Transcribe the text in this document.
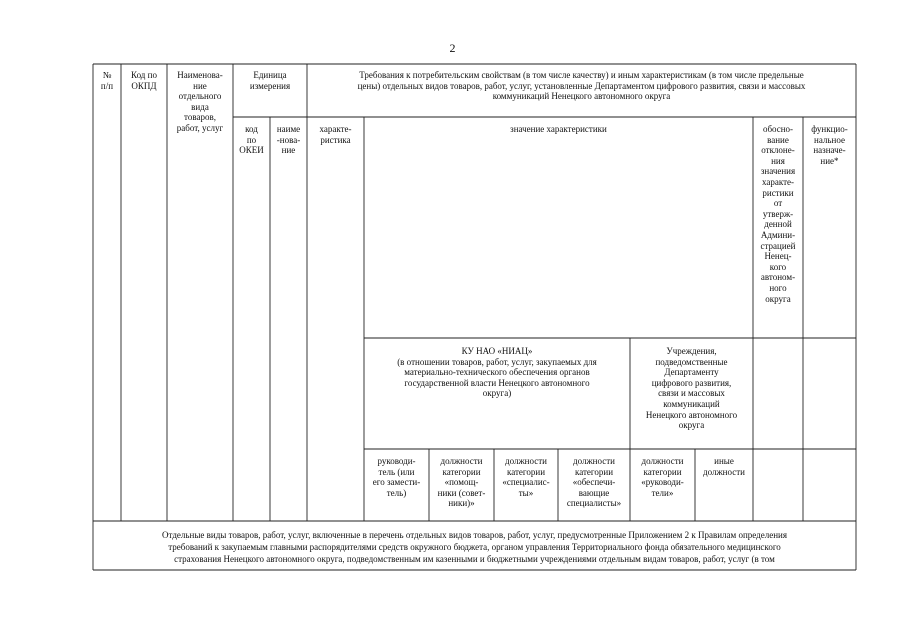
2
№
п/п
Код по
ОКПД
Наименова-
ние
отдельного
вида
товаров,
работ, услуг
Единица
измерения
Требования к потребительским свойствам (в том числе качеству) и иным характеристикам (в том числе предельные
цены) отдельных видов товаров, работ, услуг, установленные Департаментом цифрового развития, связи и массовых
коммуникаций Ненецкого автономного округа
код
по
ОКЕИ
наиме
-нова-
ние
характе-
ристика
значение характеристики	обосно-
вание
отклоне-
ния
значения
характе-
ристики
от
утверж-
денной
Админи-
страцией
Ненец-
кого
автоном-
ного
округа
функцио-
нальное
назначе-
ние*
КУ НАО «НИАЦ»
(в отношении товаров, работ, услуг, закупаемых для
материально-технического обеспечения органов
государственной власти Ненецкого автономного
округа)
Учреждения,
подведомственные
Департаменту
цифрового развития,
связи и массовых
коммуникаций
Ненецкого автономного
округа
руководи-
тель (или
его замести-
тель)
должности
категории
«помощ-
ники (совет-
ники)»
должности
категории
«специалис-
ты»
должности
категории
«обеспечи-
вающие
специалисты»
должности
категории
«руководи-
тели»
иные
должности
Отдельные виды товаров, работ, услуг, включенные в перечень отдельных видов товаров, работ, услуг, предусмотренные Приложением 2 к Правилам определения
требований к закупаемым главными распорядителями средств окружного бюджета, органом управления Территориального фонда обязательного медицинского
страхования Ненецкого автономного округа, подведомственным им казенными и бюджетными учреждениями отдельным видам товаров, работ, услуг (в том
